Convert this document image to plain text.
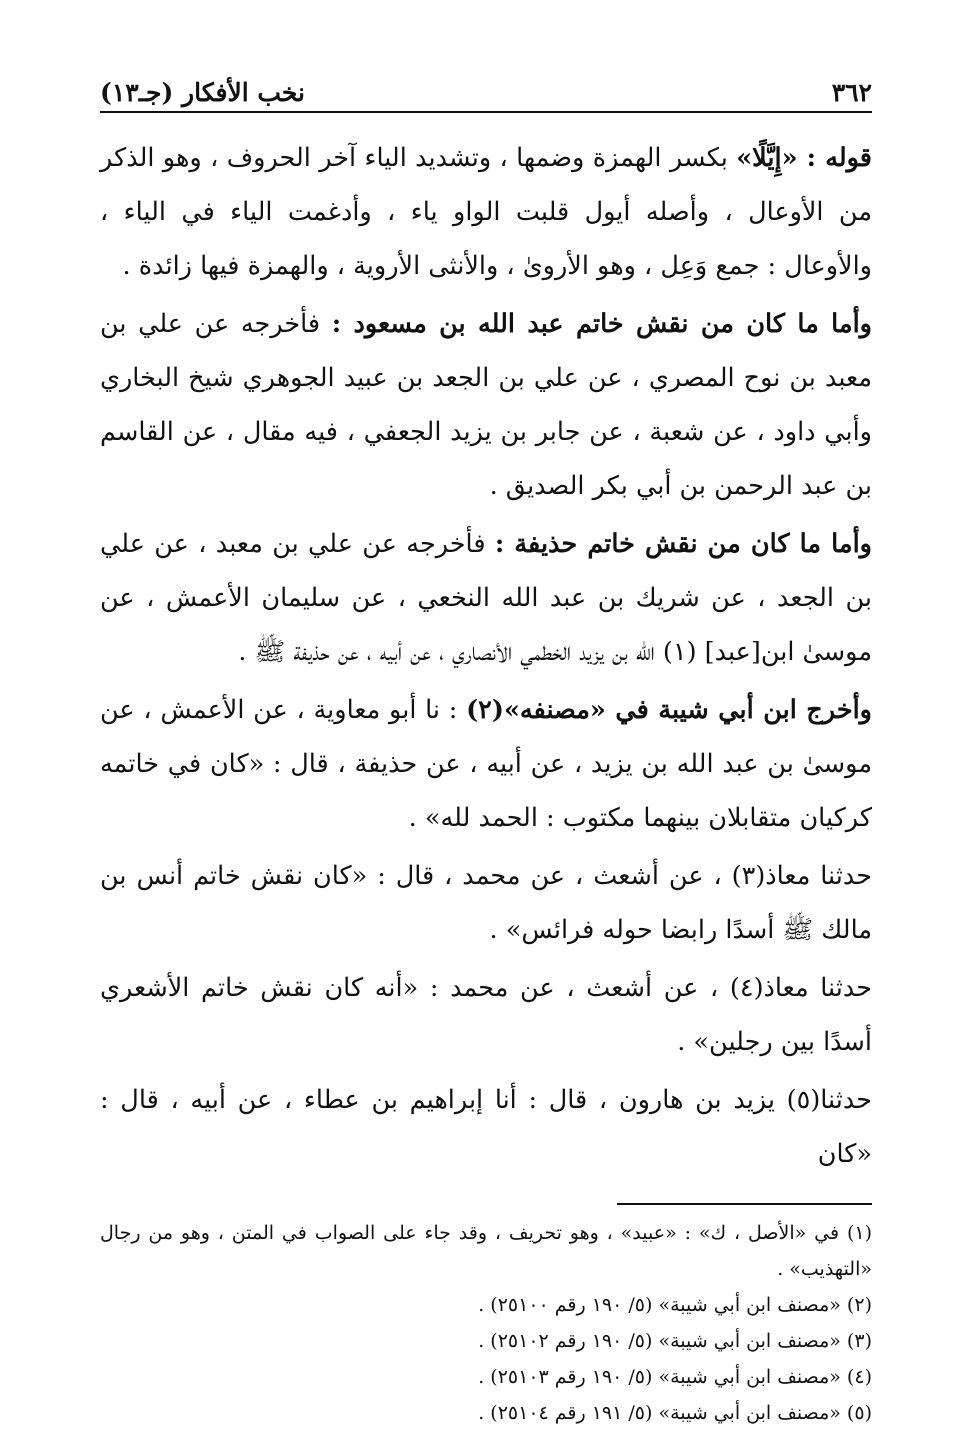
٣٦٢
نخب الأفكار (جـ١٣)

قوله : «إِيَّلًا» بكسر الهمزة وضمها ، وتشديد الياء آخر الحروف ، وهو الذكر من الأوعال ، وأصله أيول قلبت الواو ياء ، وأدغمت الياء في الياء ، والأوعال : جمع وَعِل ، وهو الأروىٰ ، والأنثى الأروية ، والهمزة فيها زائدة .

وأما ما كان من نقش خاتم عبد الله بن مسعود : فأخرجه عن علي بن معبد بن نوح المصري ، عن علي بن الجعد بن عبيد الجوهري شيخ البخاري وأبي داود ، عن شعبة ، عن جابر بن يزيد الجعفي ، فيه مقال ، عن القاسم بن عبد الرحمن بن أبي بكر الصديق .

وأما ما كان من نقش خاتم حذيفة : فأخرجه عن علي بن معبد ، عن علي بن الجعد ، عن شريك بن عبد الله النخعي ، عن سليمان الأعمش ، عن موسىٰ ابن[عبد] (١) الله بن يزيد الخطمي الأنصاري ، عن أبيه ، عن حذيفة ﷺ .

وأخرج ابن أبي شيبة في «مصنفه»(٢) : نا أبو معاوية ، عن الأعمش ، عن موسىٰ بن عبد الله بن يزيد ، عن أبيه ، عن حذيفة ، قال : «كان في خاتمه كركيان متقابلان بينهما مكتوب : الحمد لله» .

حدثنا معاذ(٣) ، عن أشعث ، عن محمد ، قال : «كان نقش خاتم أنس بن مالك ﷺ أسدًا رابضا حوله فرائس» .

حدثنا معاذ(٤) ، عن أشعث ، عن محمد : «أنه كان نقش خاتم الأشعري أسدًا بين رجلين» .

حدثنا(٥) يزيد بن هارون ، قال : أنا إبراهيم بن عطاء ، عن أبيه ، قال : «كان

(١) في «الأصل ، ك» : «عبيد» ، وهو تحريف ، وقد جاء على الصواب في المتن ، وهو من رجال «التهذيب» .

(٢) «مصنف ابن أبي شيبة» (٥/ ١٩٠ رقم ٢٥١٠٠) .

(٣) «مصنف ابن أبي شيبة» (٥/ ١٩٠ رقم ٢٥١٠٢) .

(٤) «مصنف ابن أبي شيبة» (٥/ ١٩٠ رقم ٢٥١٠٣) .

(٥) «مصنف ابن أبي شيبة» (٥/ ١٩١ رقم ٢٥١٠٤) .
